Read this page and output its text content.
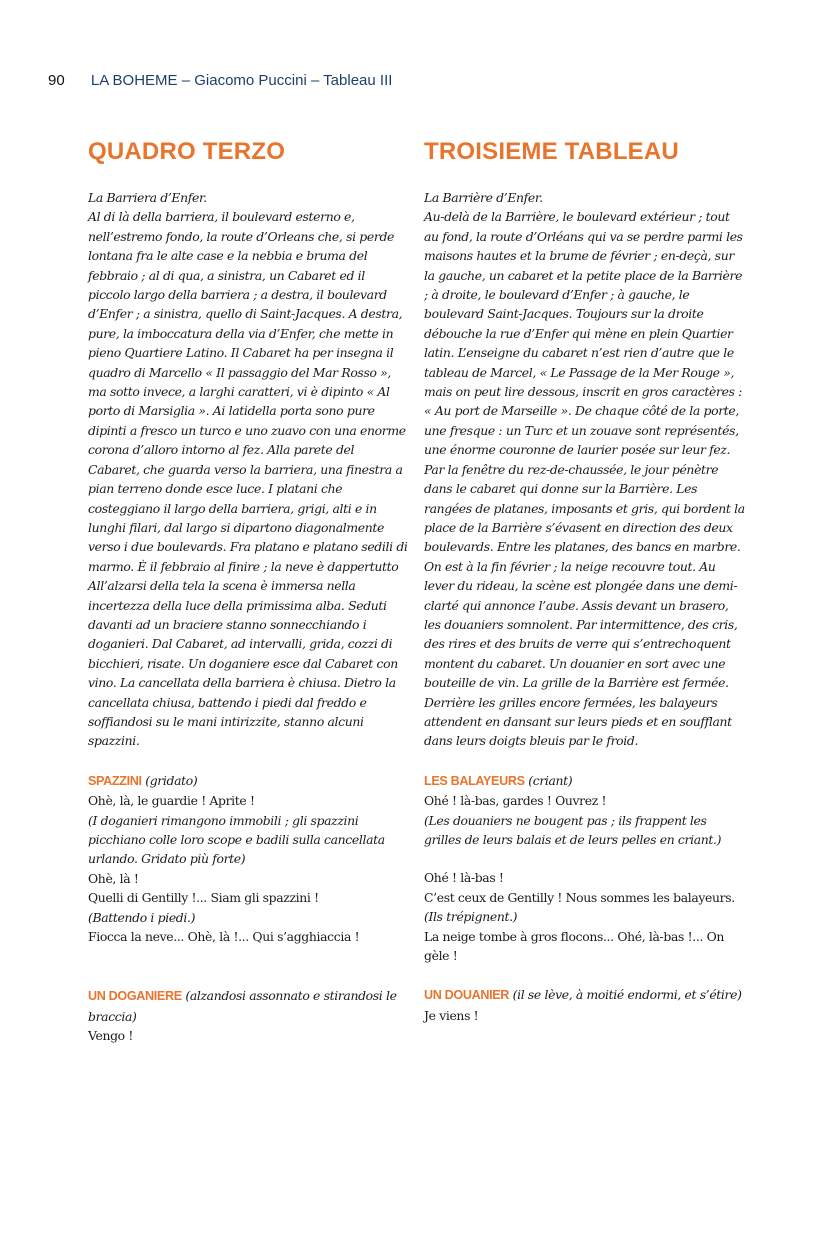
90 LA BOHEME – Giacomo Puccini – Tableau III
QUADRO TERZO

La Barriera d’Enfer.
Al di là della barriera, il boulevard esterno e, nell’estremo fondo, la route d’Orleans che, si perde lontana fra le alte case e la nebbia e bruma del febbraio ; al di qua, a sinistra, un Cabaret ed il piccolo largo della barriera ; a destra, il boulevard d’Enfer ; a sinistra, quello di Saint-Jacques. A destra, pure, la imboccatura della via d’Enfer, che mette in pieno Quartiere Latino. Il Cabaret ha per insegna il quadro di Marcello « Il passaggio del Mar Rosso », ma sotto invece, a larghi caratteri, vi è dipinto « Al porto di Marsiglia ». Ai latidella porta sono pure dipinti a fresco un turco e uno zuavo con una enorme corona d’alloro intorno al fez. Alla parete del Cabaret, che guarda verso la barriera, una finestra a pian terreno donde esce luce. I platani che costeggiano il largo della barriera, grigi, alti e in lunghi filari, dal largo si dipartono diagonalmente verso i due boulevards. Fra platano e platano sedili di marmo. È il febbraio al finire ; la neve è dappertutto All’alzarsi della tela la scena è immersa nella incertezza della luce della primissima alba. Seduti davanti ad un braciere stanno sonnecchiando i doganieri. Dal Cabaret, ad intervalli, grida, cozzi di bicchieri, risate. Un doganiere esce dal Cabaret con vino. La cancellata della barriera è chiusa. Dietro la cancellata chiusa, battendo i piedi dal freddo e soffiandosi su le mani intirizzite, stanno alcuni spazzini.

SPAZZINI (gridato)
Ohè, là, le guardie ! Aprite !
(I doganieri rimangono immobili ; gli spazzini picchiano colle loro scope e badili sulla cancellata urlando. Gridato più forte)
Ohè, là !
Quelli di Gentilly !... Siam gli spazzini !
(Battendo i piedi.)
Fiocca la neve... Ohè, là !... Qui s’agghiaccia !
UN DOGANIERE (alzandosi assonnato e stirandosi le braccia)
Vengo !
TROISIEME TABLEAU

La Barrière d’Enfer.
Au-delà de la Barrière, le boulevard extérieur ; tout au fond, la route d’Orléans qui va se perdre parmi les maisons hautes et la brume de février ; en-deçà, sur la gauche, un cabaret et la petite place de la Barrière ; à droite, le boulevard d’Enfer ; à gauche, le boulevard Saint-Jacques. Toujours sur la droite débouche la rue d’Enfer qui mène en plein Quartier latin. L’enseigne du cabaret n’est rien d’autre que le tableau de Marcel, « Le Passage de la Mer Rouge », mais on peut lire dessous, inscrit en gros caractères : « Au port de Marseille ». De chaque côté de la porte, une fresque : un Turc et un zouave sont représentés, une énorme couronne de laurier posée sur leur fez. Par la fenêtre du rez-de-chaussée, le jour pénètre dans le cabaret qui donne sur la Barrière. Les rangées de platanes, imposants et gris, qui bordent la place de la Barrière s’évasent en direction des deux boulevards. Entre les platanes, des bancs en marbre. On est à la fin février ; la neige recouvre tout. Au lever du rideau, la scène est plongée dans une demi-clarté qui annonce l’aube. Assis devant un brasero, les douaniers somnolent. Par intermittence, des cris, des rires et des bruits de verre qui s’entrechoquent montent du cabaret. Un douanier en sort avec une bouteille de vin. La grille de la Barrière est fermée. Derrière les grilles encore fermées, les balayeurs attendent en dansant sur leurs pieds et en soufflant dans leurs doigts bleuis par le froid.

LES BALAYEURS (criant)
Ohé ! là-bas, gardes ! Ouvrez !
(Les douaniers ne bougent pas ; ils frappent les grilles de leurs balais et de leurs pelles en criant.)
Ohé ! là-bas !
C’est ceux de Gentilly ! Nous sommes les balayeurs.
(Ils trépignent.)
La neige tombe à gros flocons... Ohé, là-bas !... On gèle !
UN DOUANIER (il se lève, à moitié endormi, et s’étire)
Je viens !
